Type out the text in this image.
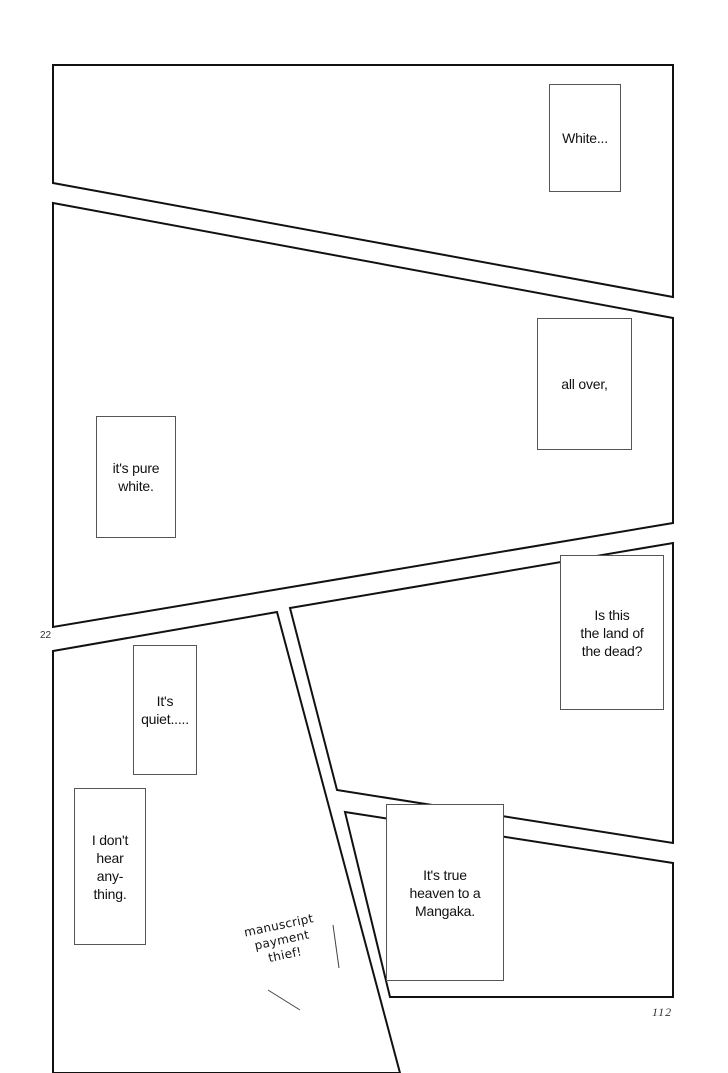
White...
all over,
it's pure
white.
Is this
the land of
the dead?
It's
quiet.....
I don't
hear
any-
thing.
It's true
heaven to a
Mangaka.
manuscript
payment
thief!
22
112
